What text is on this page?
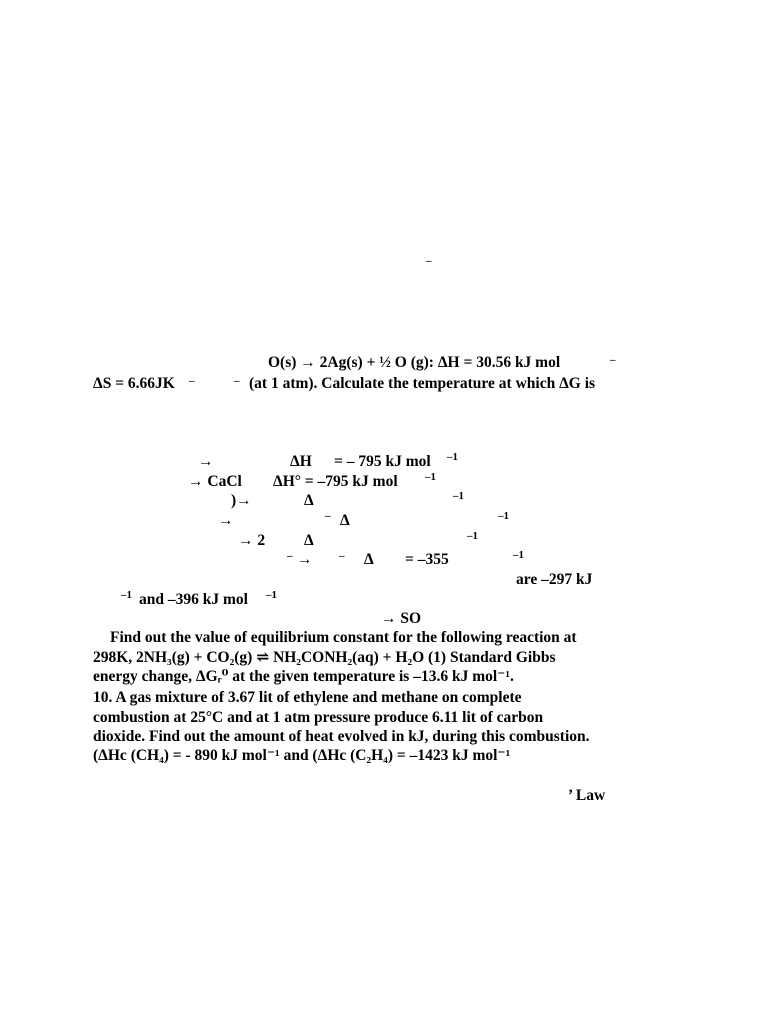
–
O(s) → 2Ag(s) + ½ O (g): ΔH = 30.56 kJ mol	–
ΔS = 6.66JK –	– (at 1 atm). Calculate the temperature at which ΔG is
→	ΔH = – 795 kJ mol –1
→ CaCl ΔH° = –795 kJ mol –1
)→	Δ	–1
→	– Δ	–1
→ 2	Δ	–1
– → – Δ = –355	–1
are –297 kJ
–1 and –396 kJ mol –1
→ SO
Find out the value of equilibrium constant for the following reaction at
298K, 2NH₃(g) + CO₂(g) ⇌ NH₂CONH₂(aq) + H₂O (1) Standard Gibbs
energy change, ΔGᵣ⁰ at the given temperature is –13.6 kJ mol⁻¹.
10. A gas mixture of 3.67 lit of ethylene and methane on complete
combustion at 25°C and at 1 atm pressure produce 6.11 lit of carbon
dioxide. Find out the amount of heat evolved in kJ, during this combustion.
(ΔHc (CH₄) = - 890 kJ mol⁻¹ and (ΔHc (C₂H₄) = –1423 kJ mol⁻¹
’ Law
